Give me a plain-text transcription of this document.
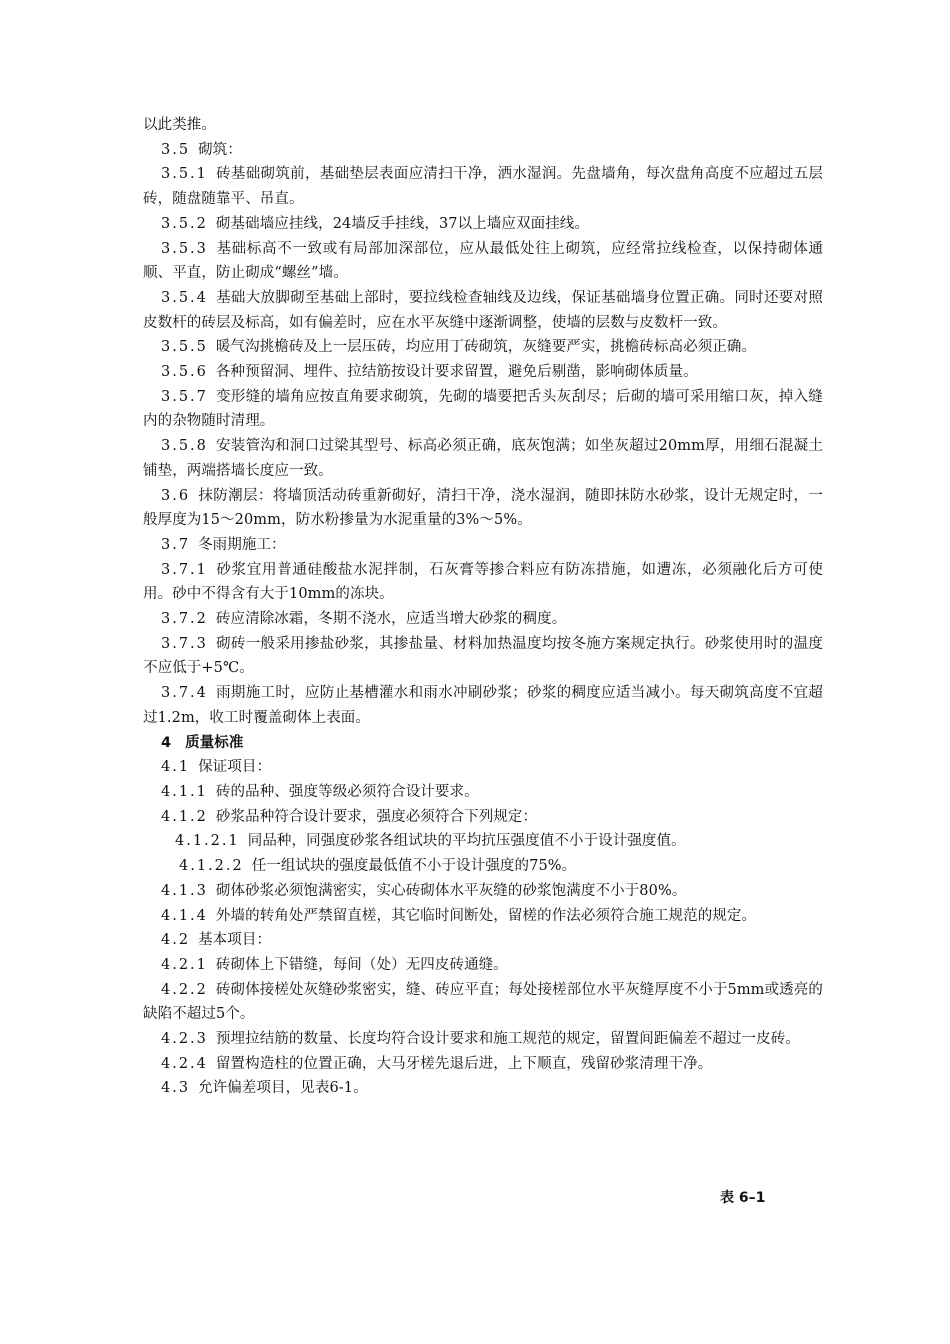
以此类推。

3.5 砌筑：

3.5.1 砖基础砌筑前，基础垫层表面应清扫干净，洒水湿润。先盘墙角，每次盘角高度不应超过五层砖，随盘随靠平、吊直。

3.5.2 砌基础墙应挂线，24墙反手挂线，37以上墙应双面挂线。

3.5.3 基础标高不一致或有局部加深部位，应从最低处往上砌筑，应经常拉线检查，以保持砌体通顺、平直，防止砌成“螺丝”墙。

3.5.4 基础大放脚砌至基础上部时，要拉线检查轴线及边线，保证基础墙身位置正确。同时还要对照皮数杆的砖层及标高，如有偏差时，应在水平灰缝中逐渐调整，使墙的层数与皮数杆一致。

3.5.5 暖气沟挑檐砖及上一层压砖，均应用丁砖砌筑，灰缝要严实，挑檐砖标高必须正确。

3.5.6 各种预留洞、埋件、拉结筋按设计要求留置，避免后剔凿，影响砌体质量。

3.5.7 变形缝的墙角应按直角要求砌筑，先砌的墙要把舌头灰刮尽；后砌的墙可采用缩口灰，掉入缝内的杂物随时清理。

3.5.8 安装管沟和洞口过梁其型号、标高必须正确，底灰饱满；如坐灰超过20mm厚，用细石混凝土铺垫，两端搭墙长度应一致。

3.6 抹防潮层：将墙顶活动砖重新砌好，清扫干净，浇水湿润，随即抹防水砂浆，设计无规定时，一般厚度为15～20mm，防水粉掺量为水泥重量的3%～5%。

3.7 冬雨期施工：

3.7.1 砂浆宜用普通硅酸盐水泥拌制，石灰膏等掺合料应有防冻措施，如遭冻，必须融化后方可使用。砂中不得含有大于10mm的冻块。

3.7.2 砖应清除冰霜，冬期不浇水，应适当增大砂浆的稠度。

3.7.3 砌砖一般采用掺盐砂浆，其掺盐量、材料加热温度均按冬施方案规定执行。砂浆使用时的温度不应低于+5℃。

3.7.4 雨期施工时，应防止基槽灌水和雨水冲刷砂浆；砂浆的稠度应适当减小。每天砌筑高度不宜超过1.2m，收工时覆盖砌体上表面。

4 质量标准

4.1 保证项目：

4.1.1 砖的品种、强度等级必须符合设计要求。

4.1.2 砂浆品种符合设计要求，强度必须符合下列规定：

4.1.2.1 同品种，同强度砂浆各组试块的平均抗压强度值不小于设计强度值。

4.1.2.2 任一组试块的强度最低值不小于设计强度的75%。

4.1.3 砌体砂浆必须饱满密实，实心砖砌体水平灰缝的砂浆饱满度不小于80%。

4.1.4 外墙的转角处严禁留直槎，其它临时间断处，留槎的作法必须符合施工规范的规定。

4.2 基本项目：

4.2.1 砖砌体上下错缝，每间（处）无四皮砖通缝。

4.2.2 砖砌体接槎处灰缝砂浆密实，缝、砖应平直；每处接槎部位水平灰缝厚度不小于5mm或透亮的缺陷不超过5个。

4.2.3 预埋拉结筋的数量、长度均符合设计要求和施工规范的规定，留置间距偏差不超过一皮砖。

4.2.4 留置构造柱的位置正确，大马牙槎先退后进，上下顺直，残留砂浆清理干净。

4.3 允许偏差项目，见表6-1。

表 6–1
